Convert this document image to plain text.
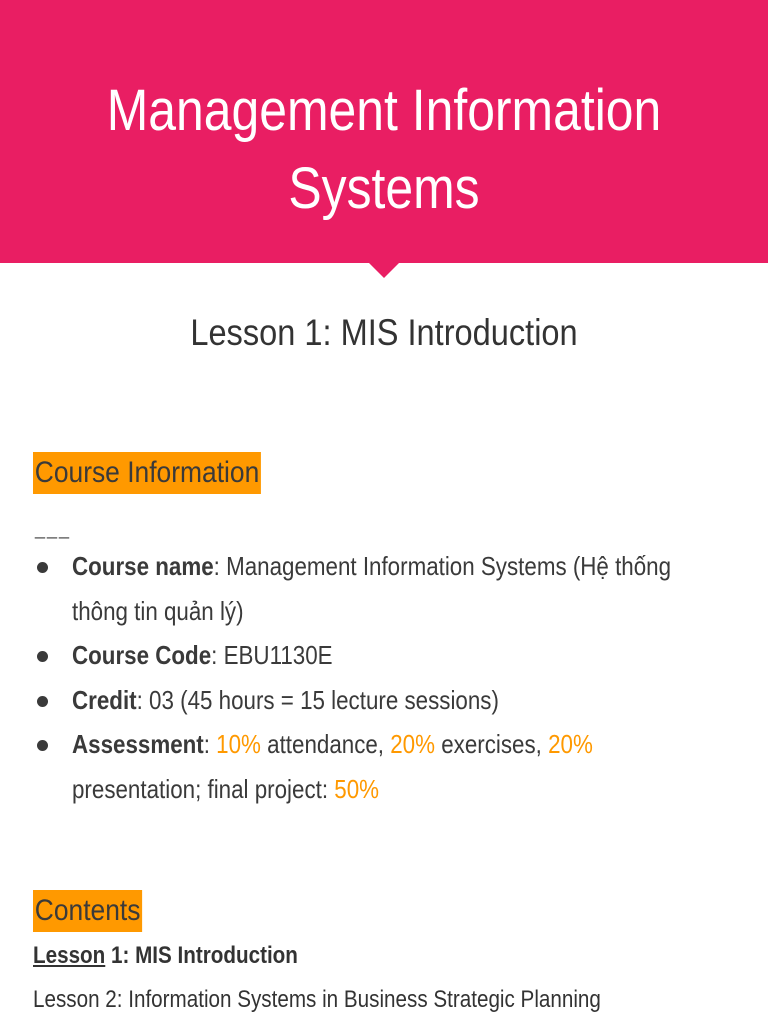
Management Information
Systems
Lesson 1: MIS Introduction
Course Information
___
Course name: Management Information Systems (Hệ thống
thông tin quản lý)
Course Code: EBU1130E
Credit: 03 (45 hours = 15 lecture sessions)
Assessment: 10% attendance, 20% exercises, 20%
presentation; final project: 50%
Contents
Lesson 1: MIS Introduction
Lesson 2: Information Systems in Business Strategic Planning
